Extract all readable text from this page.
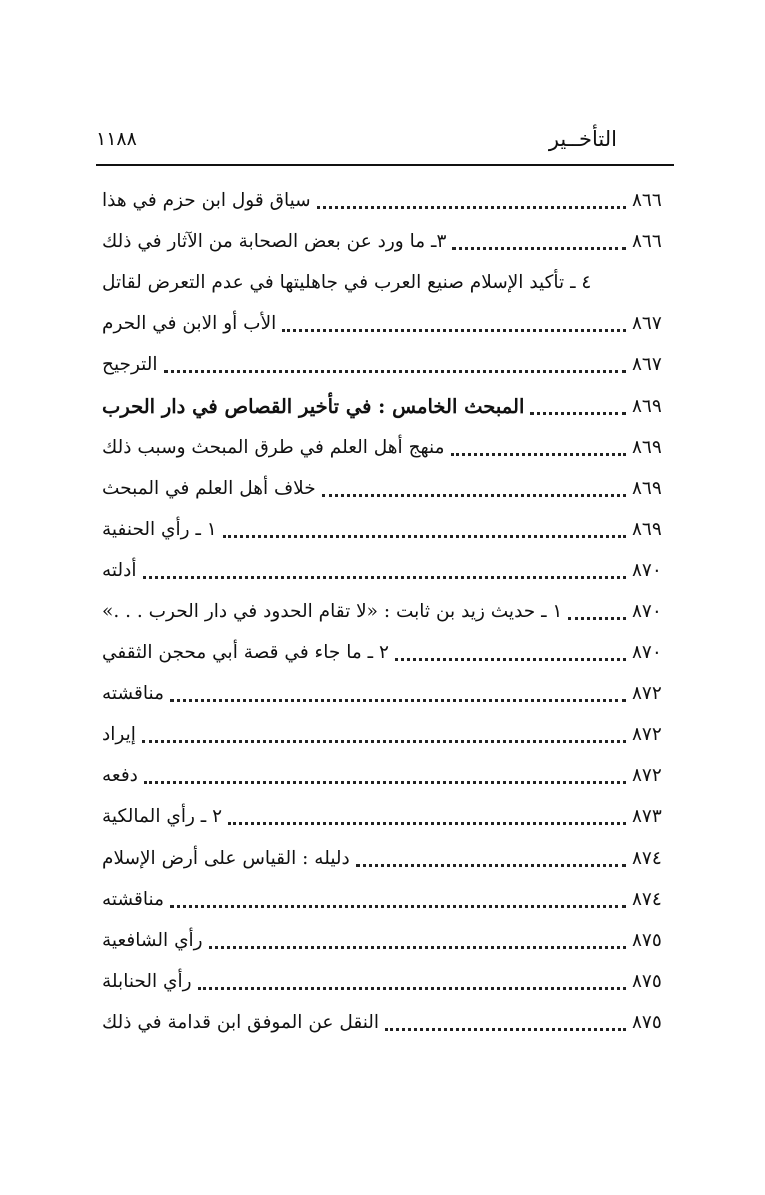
التأخــير
١١٨٨
سياق قول ابن حزم في هذا	٨٦٦
٣ـ ما ورد عن بعض الصحابة من الآثار في ذلك	٨٦٦
٤ ـ تأكيد الإسلام صنيع العرب في جاهليتها في عدم التعرض لقاتل
الأب أو الابن في الحرم	٨٦٧
الترجيح	٨٦٧
المبحث الخامس : في تأخير القصاص في دار الحرب	٨٦٩
منهج أهل العلم في طرق المبحث وسبب ذلك	٨٦٩
خلاف أهل العلم في المبحث	٨٦٩
١ ـ رأي الحنفية	٨٦٩
أدلته	٨٧٠
١ ـ حديث زيد بن ثابت : «لا تقام الحدود في دار الحرب . . .»	٨٧٠
٢ ـ ما جاء في قصة أبي محجن الثقفي	٨٧٠
مناقشته	٨٧٢
إيراد	٨٧٢
دفعه	٨٧٢
٢ ـ رأي المالكية	٨٧٣
دليله : القياس على أرض الإسلام	٨٧٤
مناقشته	٨٧٤
رأي الشافعية	٨٧٥
رأي الحنابلة	٨٧٥
النقل عن الموفق ابن قدامة في ذلك	٨٧٥
